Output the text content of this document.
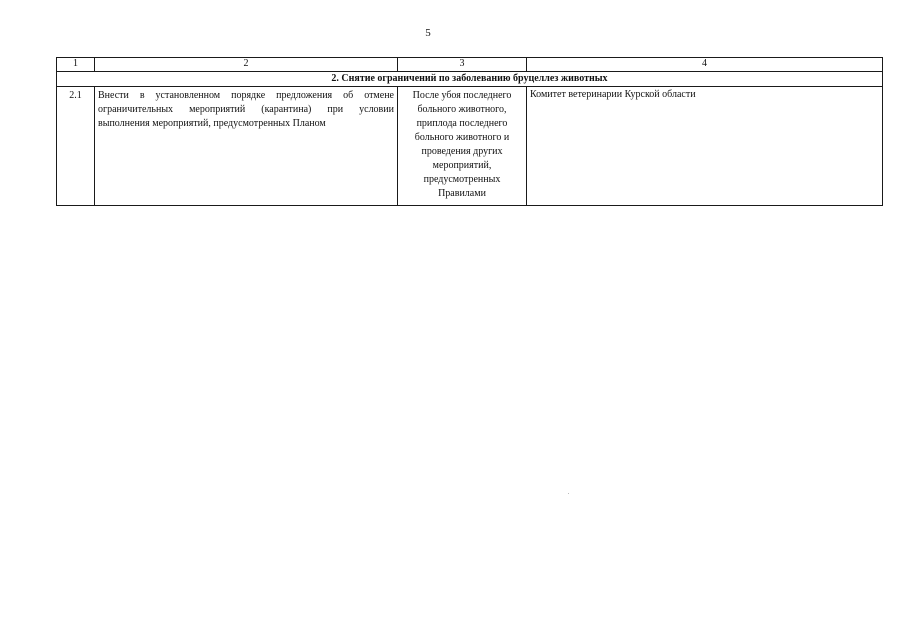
5
1	2	3	4
2. Снятие ограничений по заболеванию бруцеллез животных			
2.1	Внести в установленном порядке предложения об отмене ограничительных мероприятий (карантина) при условии выполнения мероприятий, предусмотренных Планом	После убоя последнего больного животного, приплода последнего больного животного и проведения других мероприятий, предусмотренных Правилами	Комитет ветеринарии Курской области
